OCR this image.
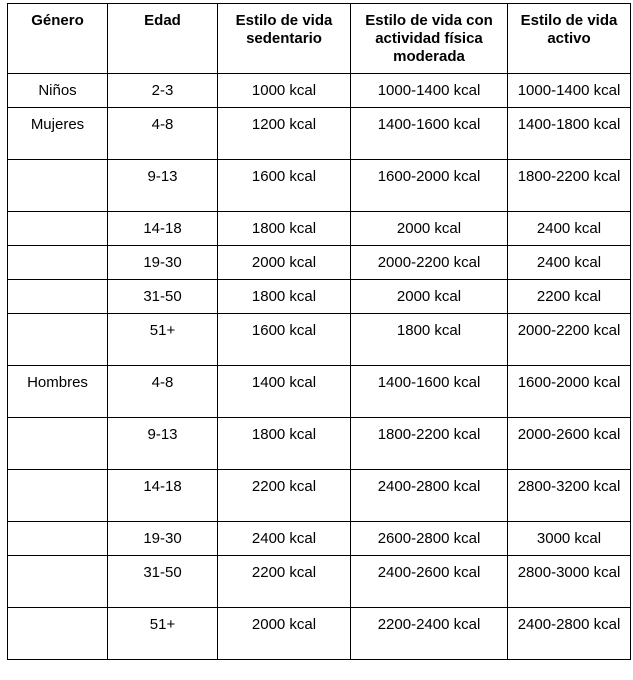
Género	Edad	Estilo de vida sedentario	Estilo de vida con actividad física moderada	Estilo de vida activo
Niños	2-3	1000 kcal	1000-1400 kcal	1000-1400 kcal
Mujeres	4-8	1200 kcal	1400-1600 kcal	1400-1800 kcal
	9-13	1600 kcal	1600-2000 kcal	1800-2200 kcal
	14-18	1800 kcal	2000 kcal	2400 kcal
	19-30	2000 kcal	2000-2200 kcal	2400 kcal
	31-50	1800 kcal	2000 kcal	2200 kcal
	51+	1600 kcal	1800 kcal	2000-2200 kcal
Hombres	4-8	1400 kcal	1400-1600 kcal	1600-2000 kcal
	9-13	1800 kcal	1800-2200 kcal	2000-2600 kcal
	14-18	2200 kcal	2400-2800 kcal	2800-3200 kcal
	19-30	2400 kcal	2600-2800 kcal	3000 kcal
	31-50	2200 kcal	2400-2600 kcal	2800-3000 kcal
	51+	2000 kcal	2200-2400 kcal	2400-2800 kcal
